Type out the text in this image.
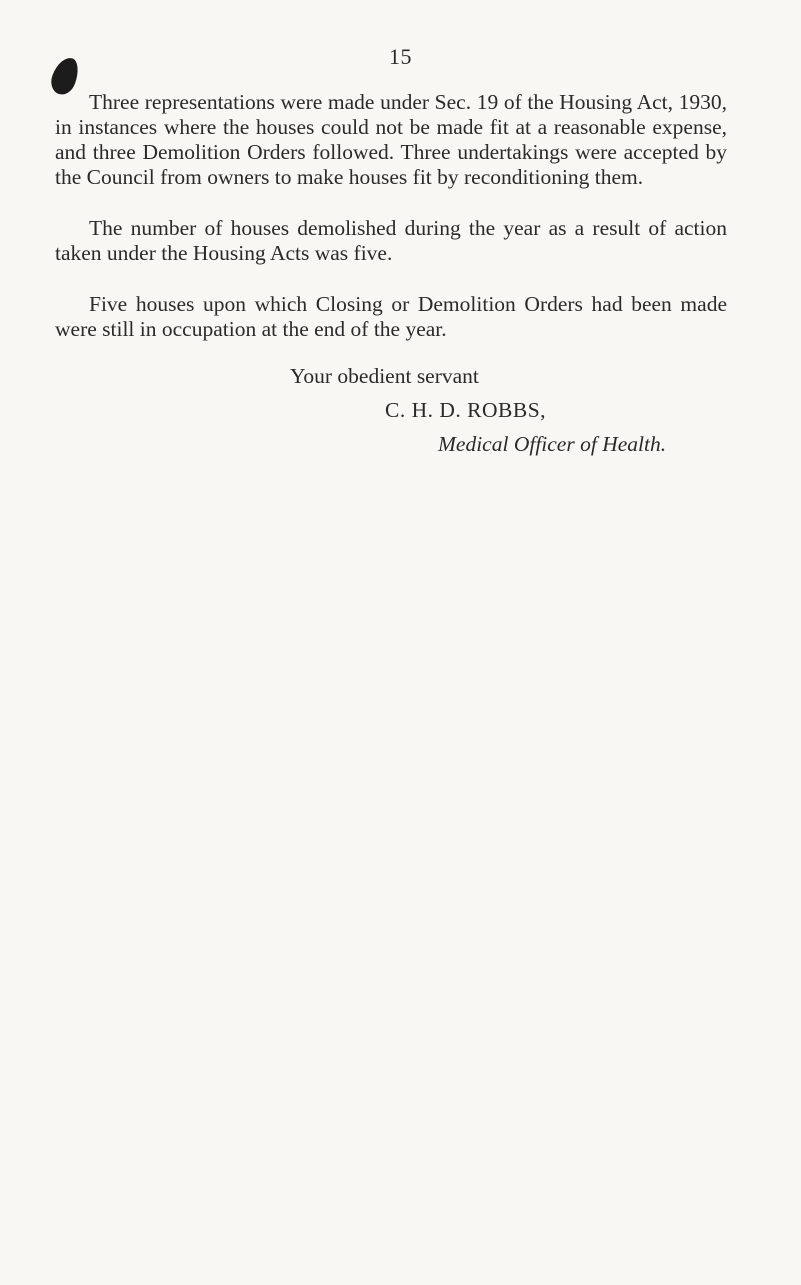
15

Three representations were made under Sec. 19 of the Housing Act, 1930, in instances where the houses could not be made fit at a reasonable expense, and three Demolition Orders followed. Three undertakings were accepted by the Council from owners to make houses fit by reconditioning them.

The number of houses demolished during the year as a result of action taken under the Housing Acts was five.

Five houses upon which Closing or Demolition Orders had been made were still in occupation at the end of the year.

Your obedient servant
C. H. D. ROBBS,
Medical Officer of Health.
